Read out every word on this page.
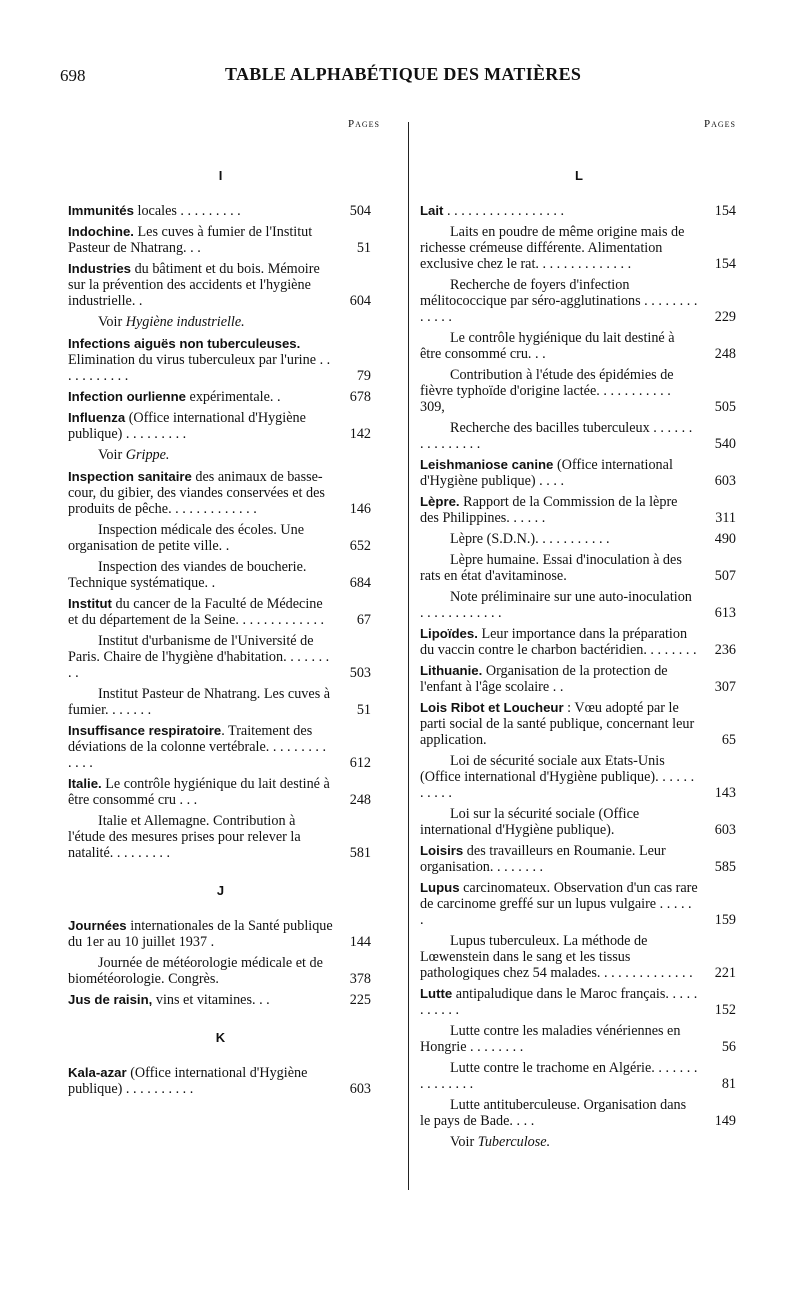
698	TABLE ALPHABÉTIQUE DES MATIÈRES
Pages	Pages
I
Immunités locales . . . . . . . . .	504
Indochine. Les cuves à fumier de l'Institut Pasteur de Nhatrang. . .	51
Industries du bâtiment et du bois. Mémoire sur la prévention des accidents et l'hygiène industrielle. .	604
Voir Hygiène industrielle.
Infections aiguës non tuberculeuses. Elimination du virus tuberculeux par l'urine . . . . . . . . . . .	79
Infection ourlienne expérimentale. .	678
Influenza (Office international d'Hygiène publique) . . . . . . . . .	142
Voir Grippe.
Inspection sanitaire des animaux de basse-cour, du gibier, des viandes conservées et des produits de pêche. . . . . . . . . . . . .	146
Inspection médicale des écoles. Une organisation de petite ville. .	652
Inspection des viandes de boucherie. Technique systématique. .	684
Institut du cancer de la Faculté de Médecine et du département de la Seine. . . . . . . . . . . . . 67
Institut d'urbanisme de l'Université de Paris. Chaire de l'hygiène d'habitation. . . . . . . . .	503
Institut Pasteur de Nhatrang. Les cuves à fumier. . . . . . .	51
Insuffisance respiratoire. Traitement des déviations de la colonne vertébrale. . . . . . . . . . . . .	612
Italie. Le contrôle hygiénique du lait destiné à être consommé cru . . .	248
Italie et Allemagne. Contribution à l'étude des mesures prises pour relever la natalité. . . . . . . . .	581
J
Journées internationales de la Santé publique du 1er au 10 juillet 1937 .	144
Journée de météorologie médicale et de biométéorologie. Congrès.	378
Jus de raisin, vins et vitamines. . .	225
K
Kala-azar (Office international d'Hygiène publique) . . . . . . . . . .	603
L
Lait . . . . . . . . . . . . . . . . .	154
Laits en poudre de même origine mais de richesse crémeuse différente. Alimentation exclusive chez le rat. . . . . . . . . . . . . .	154
Recherche de foyers d'infection mélitococcique par séro-agglutinations . . . . . . . . . . . . .	229
Le contrôle hygiénique du lait destiné à être consommé cru. . .	248
Contribution à l'étude des épidémies de fièvre typhoïde d'origine lactée. . . . . . . . . . . 309,	505
Recherche des bacilles tuberculeux . . . . . . . . . . . . . . .	540
Leishmaniose canine (Office international d'Hygiène publique) . . . .	603
Lèpre. Rapport de la Commission de la lèpre des Philippines. . . . . .	311
Lèpre (S.D.N.). . . . . . . . . . .	490
Lèpre humaine. Essai d'inoculation à des rats en état d'avitaminose.	507
Note préliminaire sur une auto-inoculation . . . . . . . . . . . .	613
Lipoïdes. Leur importance dans la préparation du vaccin contre le charbon bactéridien. . . . . . . . 236
Lithuanie. Organisation de la protection de l'enfant à l'âge scolaire . .	307
Lois Ribot et Loucheur : Vœu adopté par le parti social de la santé publique, concernant leur application.	65
Loi de sécurité sociale aux Etats-Unis (Office international d'Hygiène publique). . . . . . . . . . .	143
Loi sur la sécurité sociale (Office international d'Hygiène publique).	603
Loisirs des travailleurs en Roumanie. Leur organisation. . . . . . . .	585
Lupus carcinomateux. Observation d'un cas rare de carcinome greffé sur un lupus vulgaire . . . . . .	159
Lupus tuberculeux. La méthode de Lœwenstein dans le sang et les tissus pathologiques chez 54 malades. . . . . . . . . . . . . .	221
Lutte antipaludique dans le Maroc français. . . . . . . . . . .	152
Lutte contre les maladies vénériennes en Hongrie . . . . . . . .	56
Lutte contre le trachome en Algérie. . . . . . . . . . . . . . .	81
Lutte antituberculeuse. Organisation dans le pays de Bade. . . .	149
Voir Tuberculose.
